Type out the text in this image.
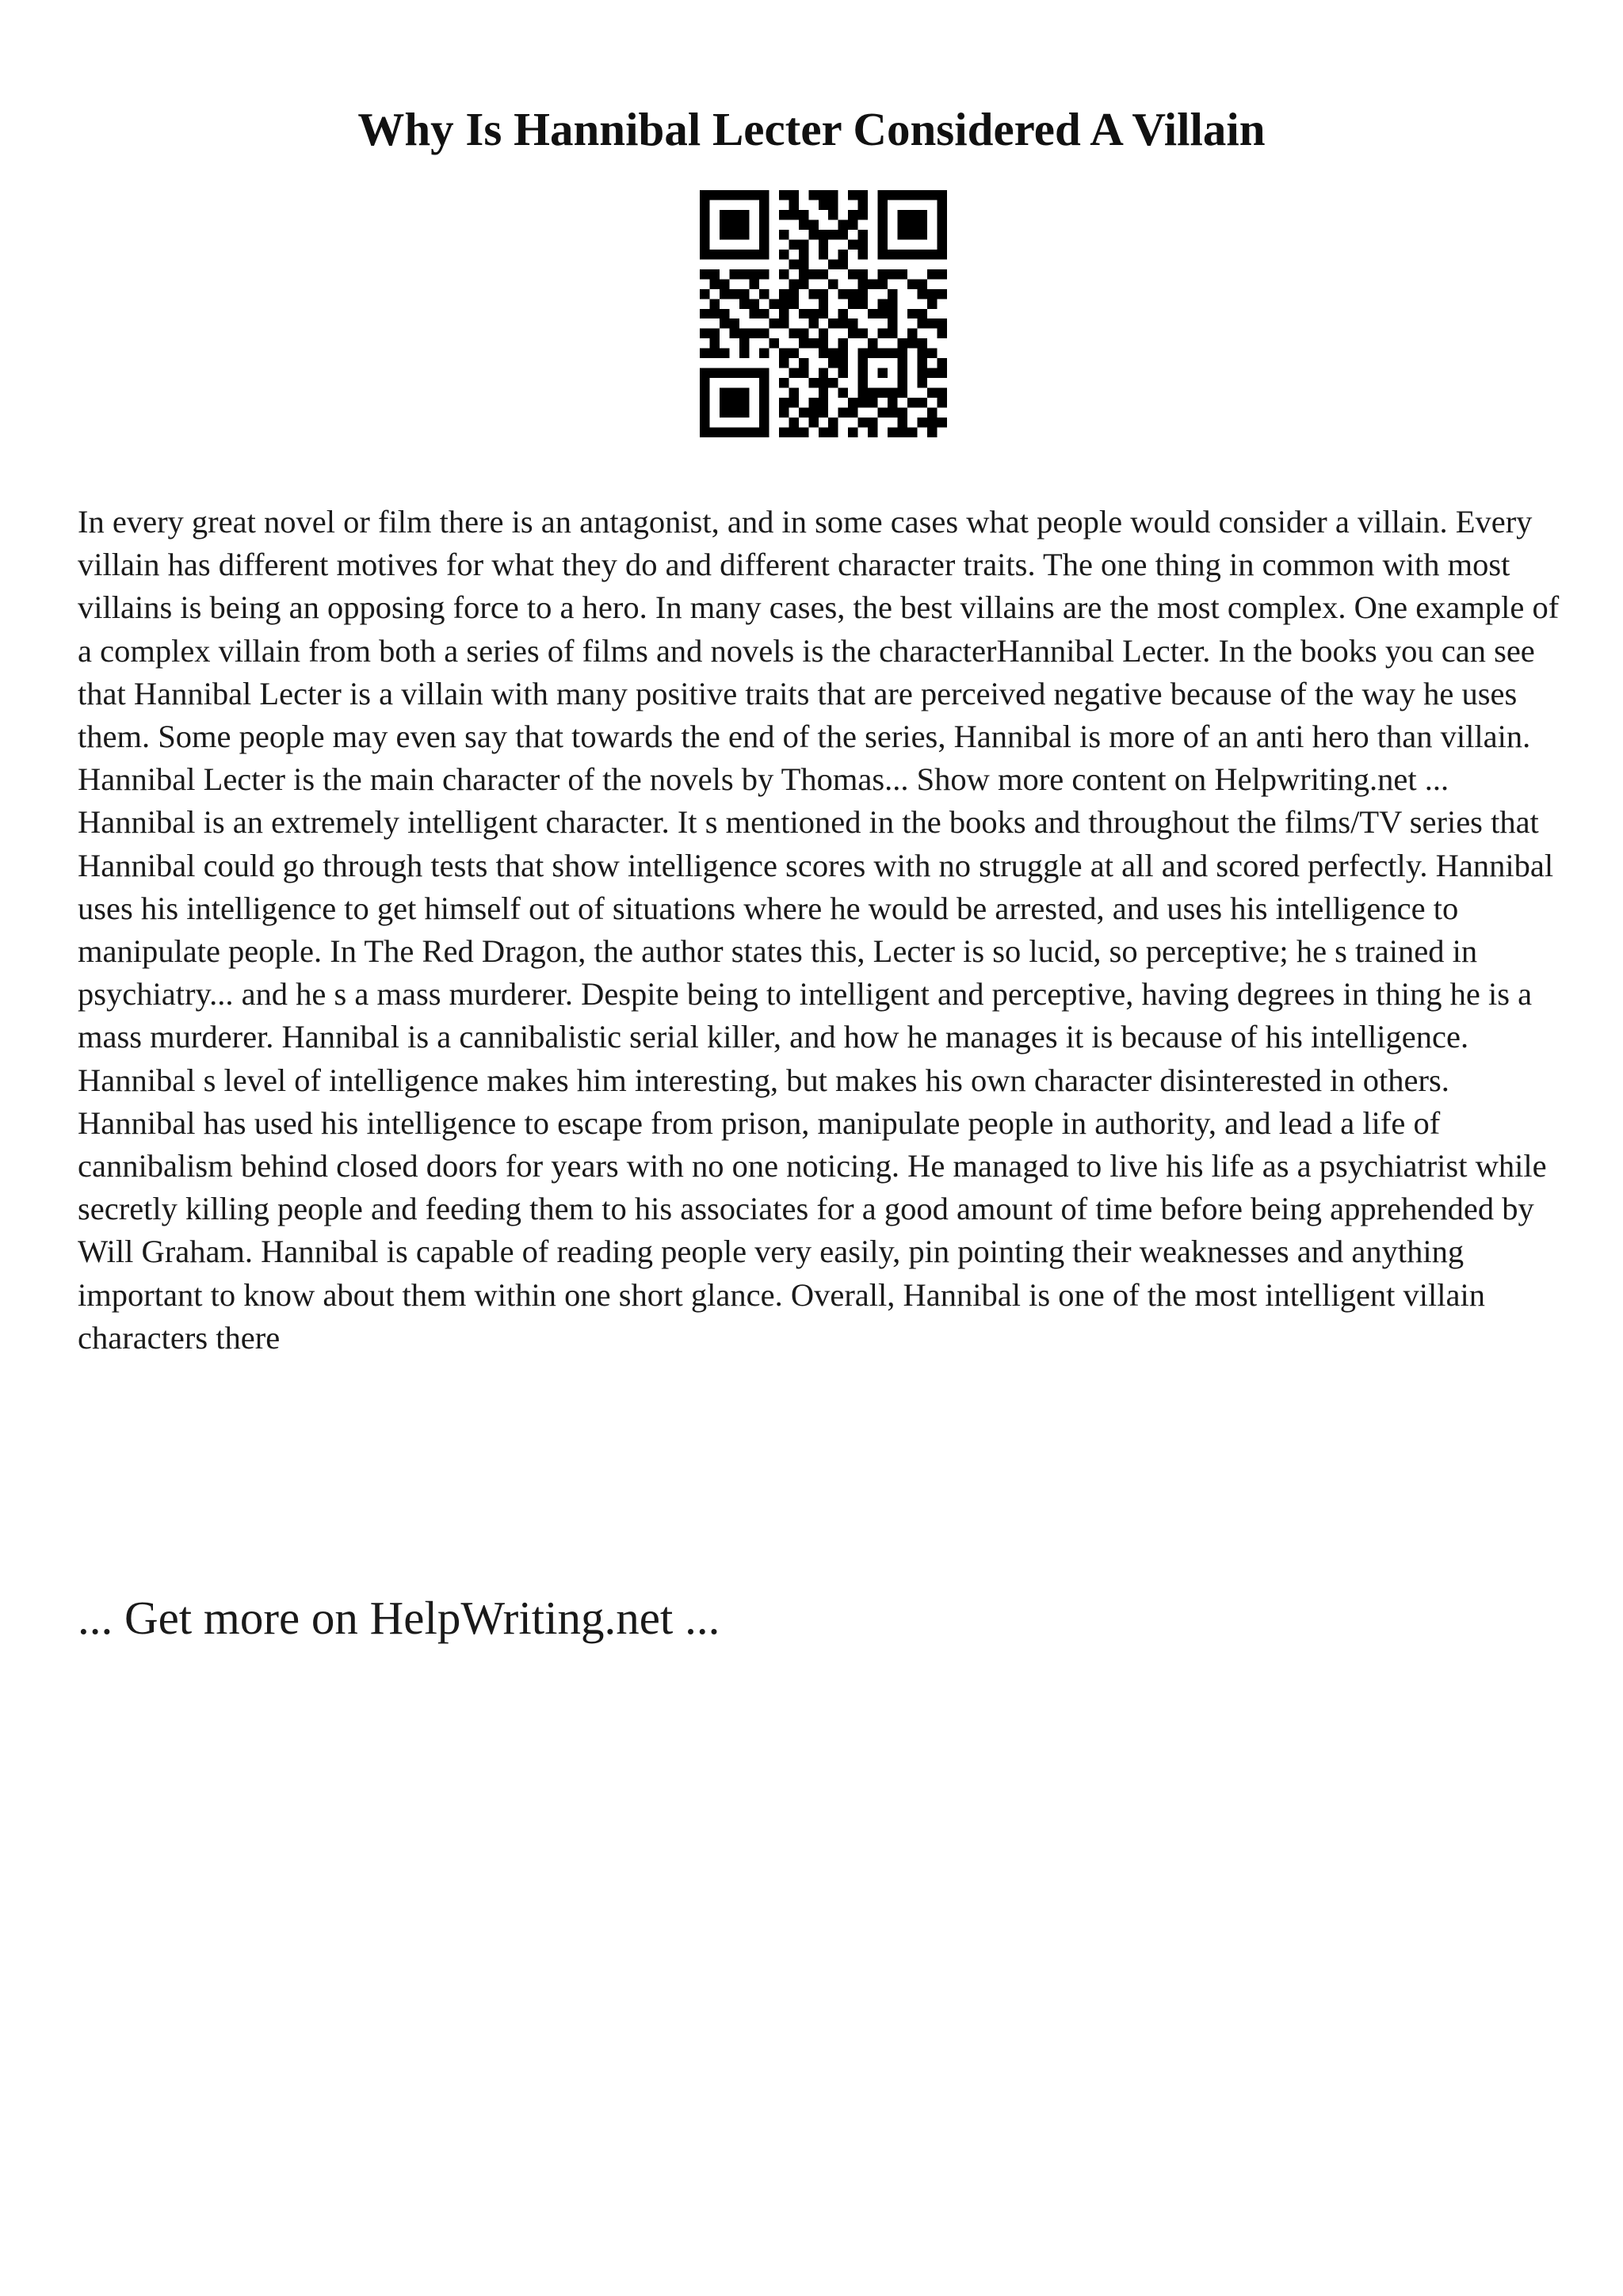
Why Is Hannibal Lecter Considered A Villain

In every great novel or film there is an antagonist, and in some cases what people would consider a villain. Every villain has different motives for what they do and different character traits. The one thing in common with most villains is being an opposing force to a hero. In many cases, the best villains are the most complex. One example of a complex villain from both a series of films and novels is the characterHannibal Lecter. In the books you can see that Hannibal Lecter is a villain with many positive traits that are perceived negative because of the way he uses them. Some people may even say that towards the end of the series, Hannibal is more of an anti hero than villain. Hannibal Lecter is the main character of the novels by Thomas... Show more content on Helpwriting.net ...

Hannibal is an extremely intelligent character. It s mentioned in the books and throughout the films/TV series that Hannibal could go through tests that show intelligence scores with no struggle at all and scored perfectly. Hannibal uses his intelligence to get himself out of situations where he would be arrested, and uses his intelligence to manipulate people. In The Red Dragon, the author states this, Lecter is so lucid, so perceptive; he s trained in psychiatry... and he s a mass murderer. Despite being to intelligent and perceptive, having degrees in thing he is a mass murderer. Hannibal is a cannibalistic serial killer, and how he manages it is because of his intelligence. Hannibal s level of intelligence makes him interesting, but makes his own character disinterested in others. Hannibal has used his intelligence to escape from prison, manipulate people in authority, and lead a life of cannibalism behind closed doors for years with no one noticing. He managed to live his life as a psychiatrist while secretly killing people and feeding them to his associates for a good amount of time before being apprehended by Will Graham. Hannibal is capable of reading people very easily, pin pointing their weaknesses and anything important to know about them within one short glance. Overall, Hannibal is one of the most intelligent villain characters there

... Get more on HelpWriting.net ...
